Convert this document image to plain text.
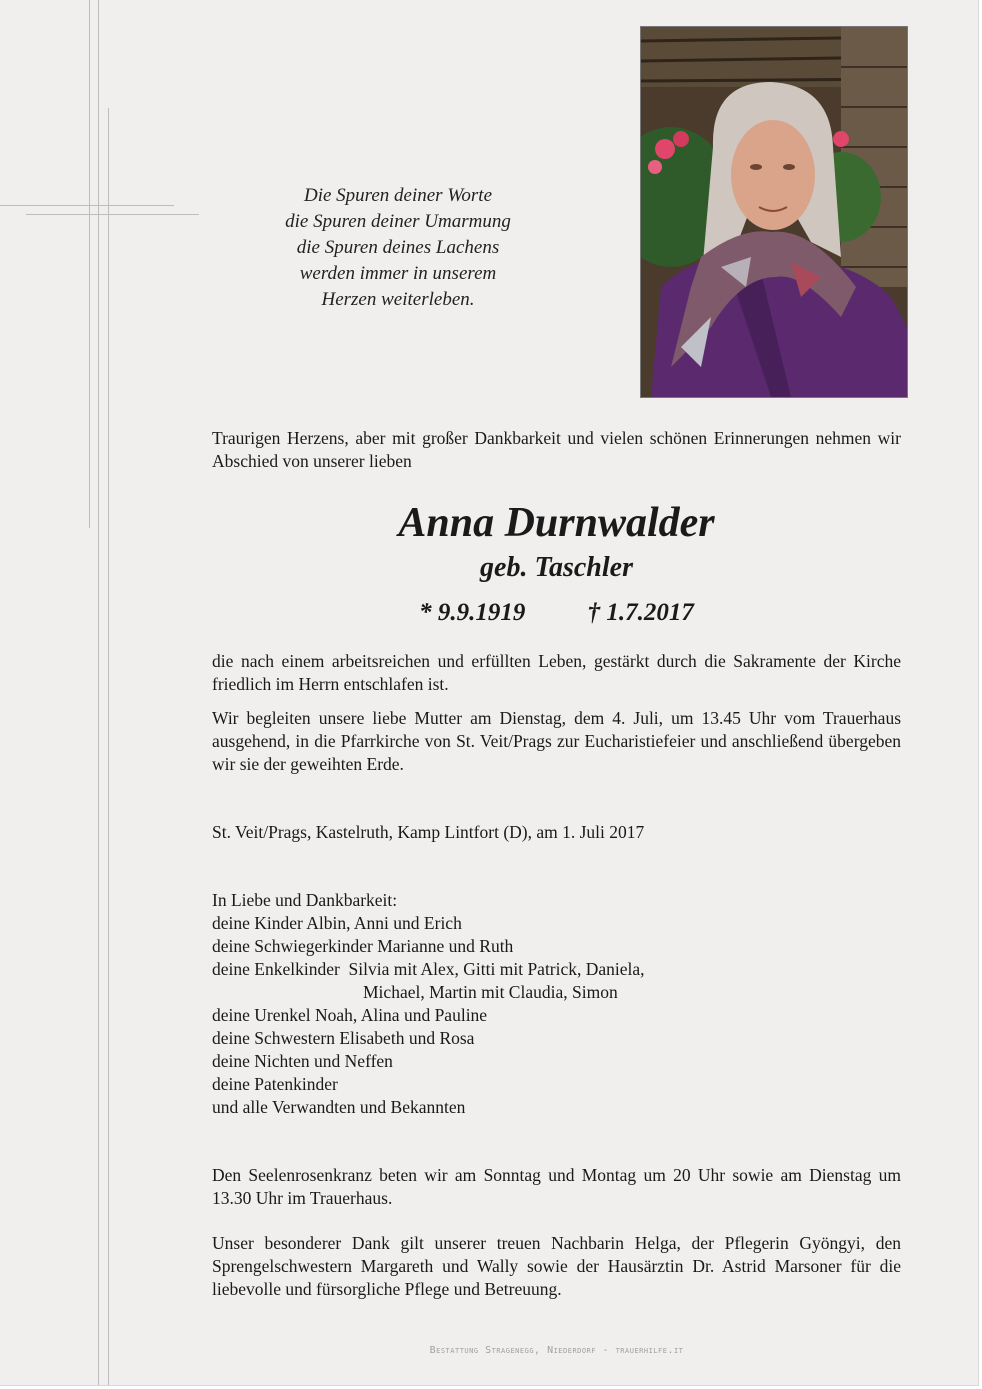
Die Spuren deiner Worte
die Spuren deiner Umarmung
die Spuren deines Lachens
werden immer in unserem
Herzen weiterleben.
Traurigen Herzens, aber mit großer Dankbarkeit und vielen schönen Erinnerungen nehmen wir Abschied von unserer lieben
Anna Durnwalder
geb. Taschler
* 9.9.1919 † 1.7.2017
die nach einem arbeitsreichen und erfüllten Leben, gestärkt durch die Sakramente der Kirche friedlich im Herrn entschlafen ist.
Wir begleiten unsere liebe Mutter am Dienstag, dem 4. Juli, um 13.45 Uhr vom Trauerhaus ausgehend, in die Pfarrkirche von St. Veit/Prags zur Eucharistiefeier und anschließend übergeben wir sie der geweihten Erde.
St. Veit/Prags, Kastelruth, Kamp Lintfort (D), am 1. Juli 2017
In Liebe und Dankbarkeit:
deine Kinder Albin, Anni und Erich
deine Schwiegerkinder Marianne und Ruth
deine Enkelkinder  Silvia mit Alex, Gitti mit Patrick, Daniela,
Michael, Martin mit Claudia, Simon
deine Urenkel Noah, Alina und Pauline
deine Schwestern Elisabeth und Rosa
deine Nichten und Neffen
deine Patenkinder
und alle Verwandten und Bekannten
Den Seelenrosenkranz beten wir am Sonntag und Montag um 20 Uhr sowie am Dienstag um 13.30 Uhr im Trauerhaus.
Unser besonderer Dank gilt unserer treuen Nachbarin Helga, der Pflegerin Gyöngyi, den Sprengelschwestern Margareth und Wally sowie der Hausärztin Dr. Astrid Marsoner für die liebevolle und fürsorgliche Pflege und Betreuung.
Bestattung Stragenegg, Niederdorf - trauerhilfe.it
